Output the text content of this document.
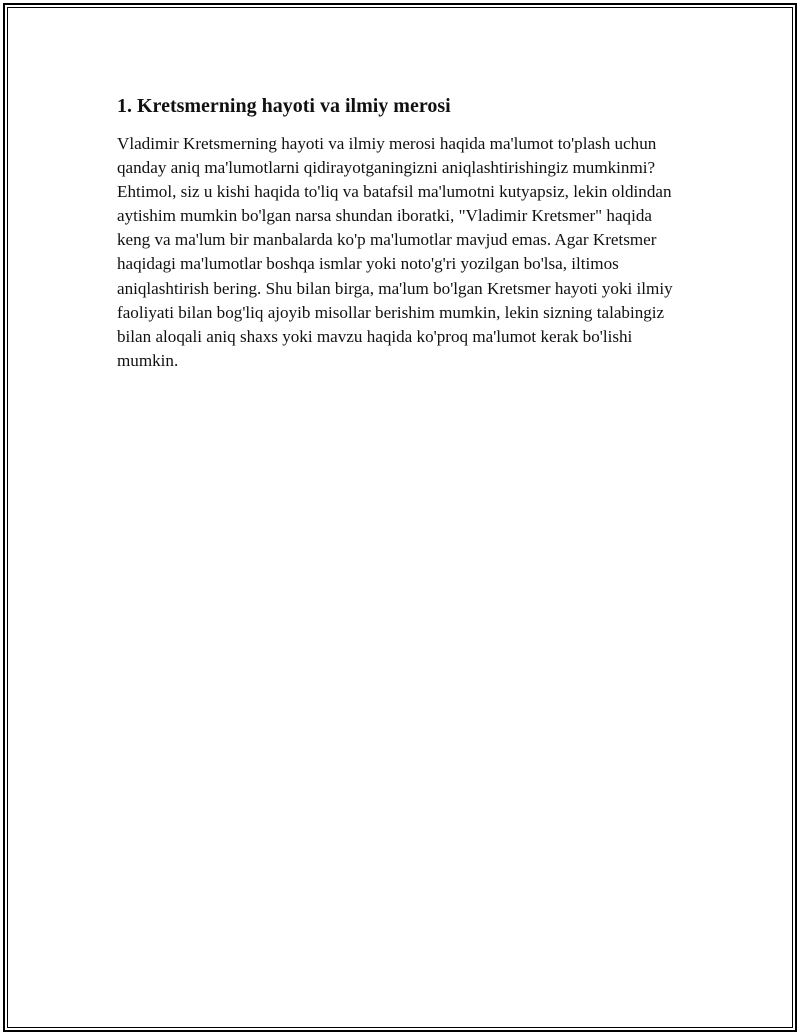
1. Kretsmerning hayoti va ilmiy merosi

Vladimir Kretsmerning hayoti va ilmiy merosi haqida ma'lumot to'plash uchun qanday aniq ma'lumotlarni qidirayotganingizni aniqlashtirishingiz mumkinmi? Ehtimol, siz u kishi haqida to'liq va batafsil ma'lumotni kutyapsiz, lekin oldindan aytishim mumkin bo'lgan narsa shundan iboratki, "Vladimir Kretsmer" haqida keng va ma'lum bir manbalarda ko'p ma'lumotlar mavjud emas. Agar Kretsmer haqidagi ma'lumotlar boshqa ismlar yoki noto'g'ri yozilgan bo'lsa, iltimos aniqlashtirish bering. Shu bilan birga, ma'lum bo'lgan Kretsmer hayoti yoki ilmiy faoliyati bilan bog'liq ajoyib misollar berishim mumkin, lekin sizning talabingiz bilan aloqali aniq shaxs yoki mavzu haqida ko'proq ma'lumot kerak bo'lishi mumkin.
